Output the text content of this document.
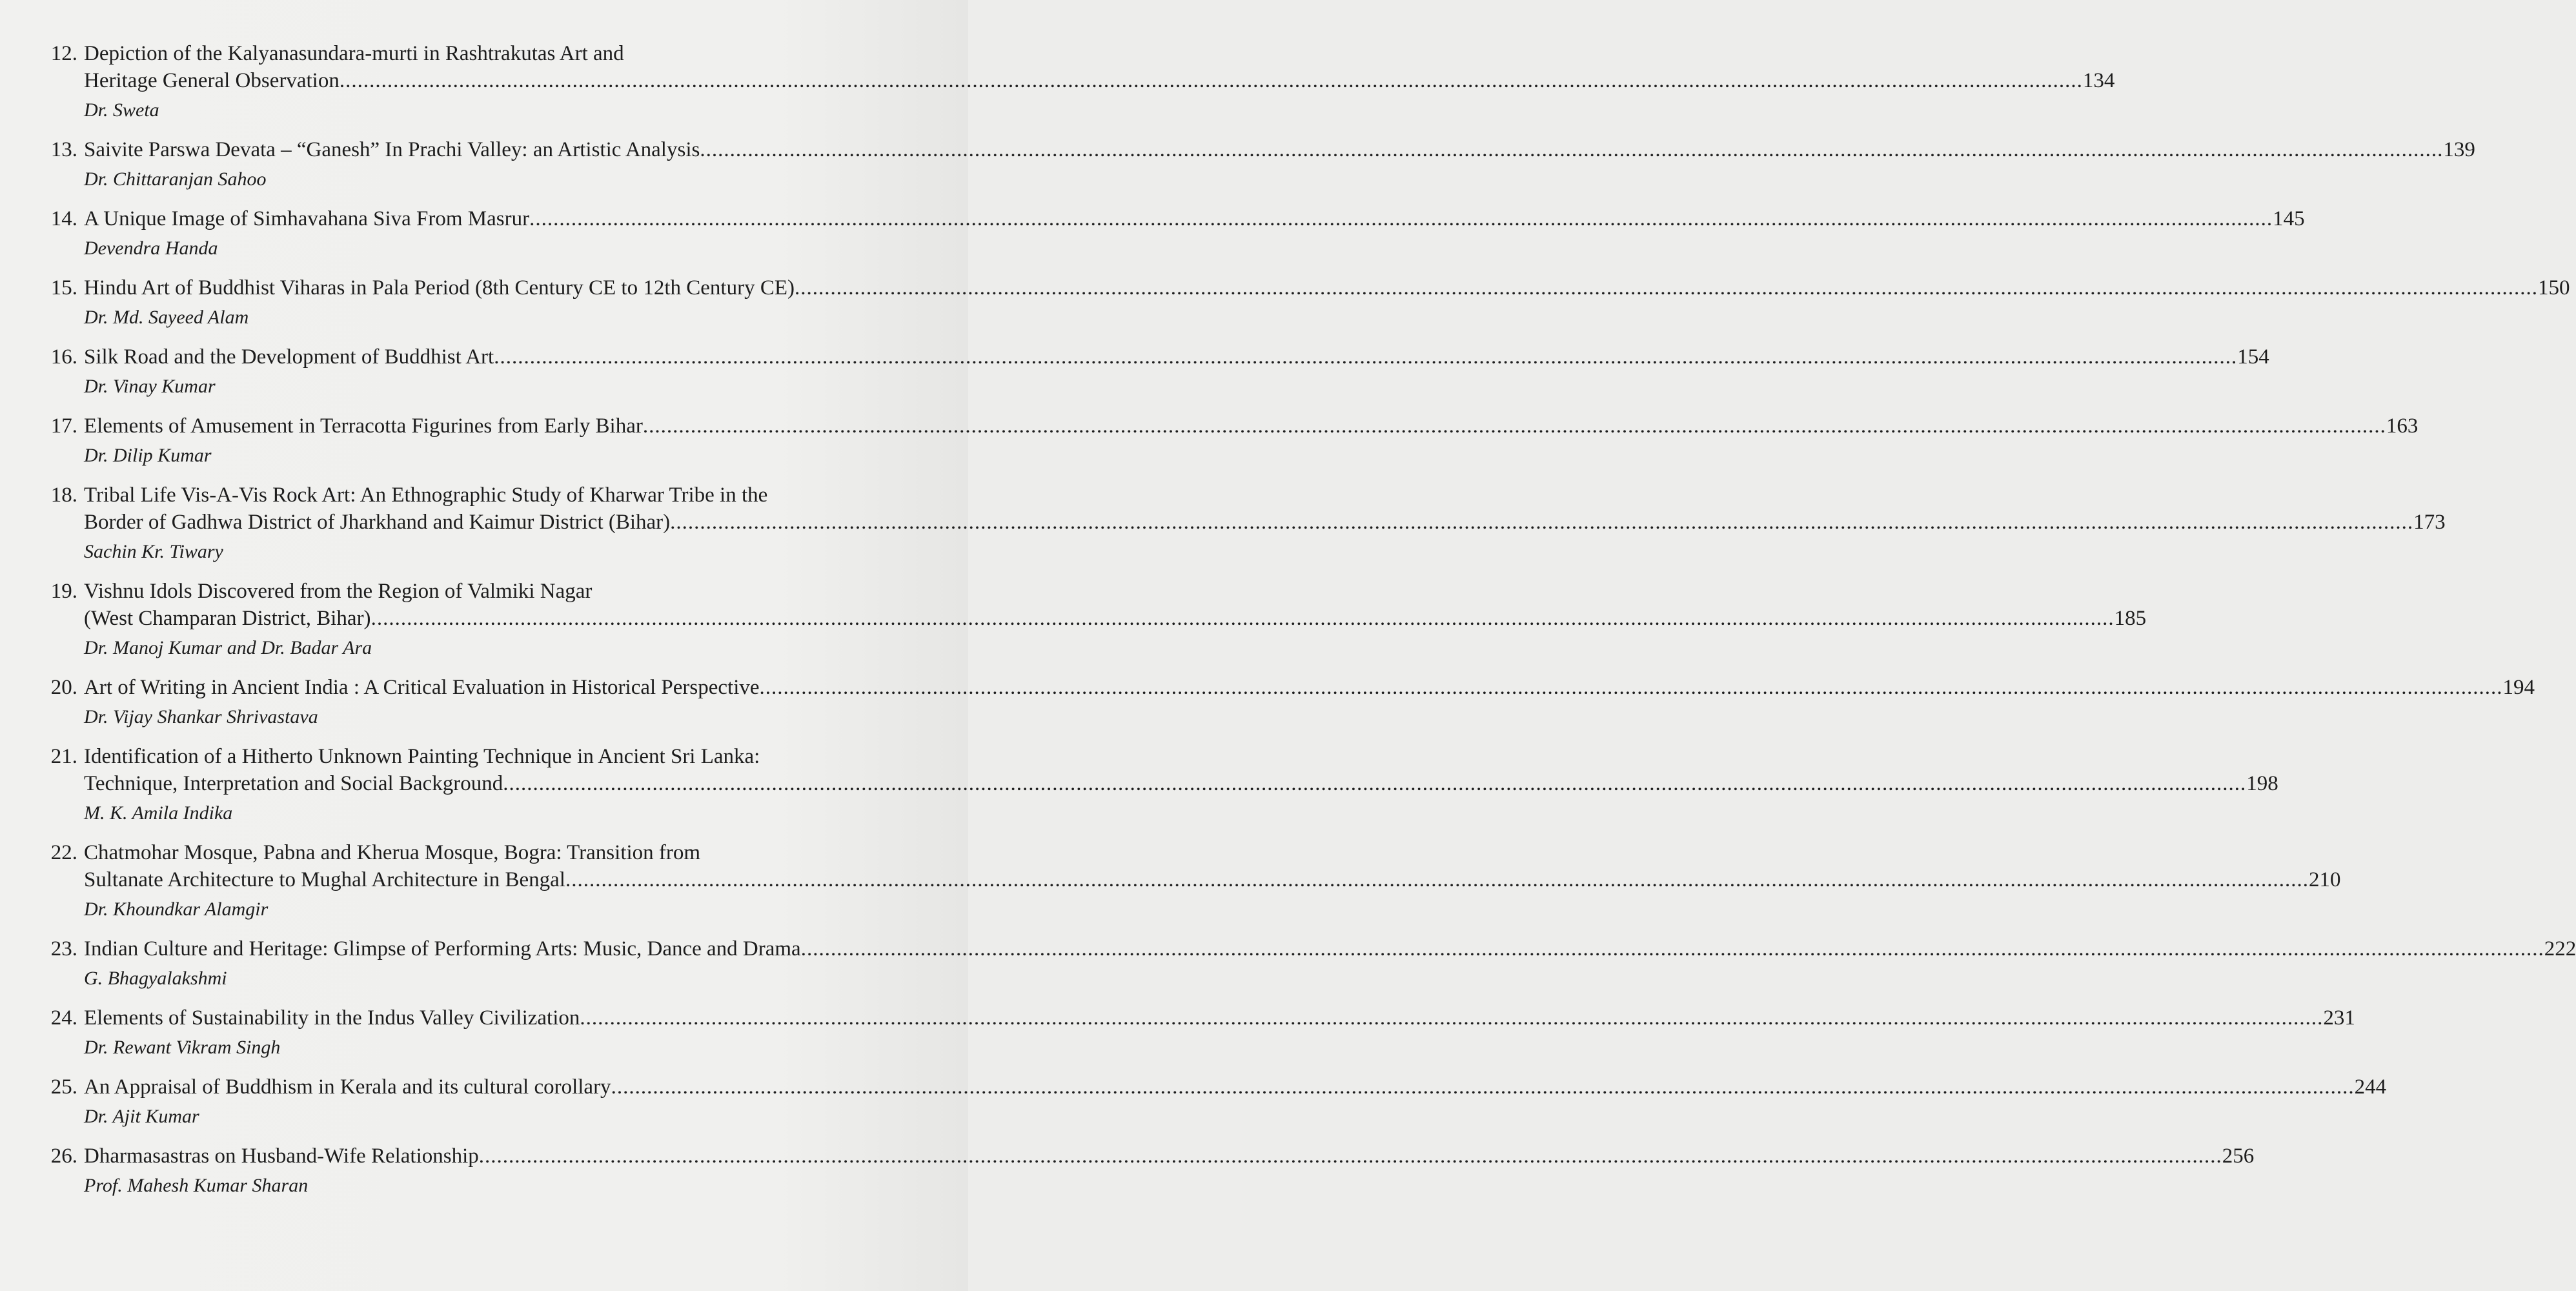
12. Depiction of the Kalyanasundara-murti in Rashtrakutas Art and
Heritage General Observation .....	134
Dr. Sweta
13. Saivite Parswa Devata – “Ganesh” In Prachi Valley: an Artistic Analysis .....	139
Dr. Chittaranjan Sahoo
14. A Unique Image of Simhavahana Siva From Masrur .....	145
Devendra Handa
15. Hindu Art of Buddhist Viharas in Pala Period (8th Century CE to 12th Century CE) .....	150
Dr. Md. Sayeed Alam
16. Silk Road and the Development of Buddhist Art .....	154
Dr. Vinay Kumar
17. Elements of Amusement in Terracotta Figurines from Early Bihar .....	163
Dr. Dilip Kumar
18. Tribal Life Vis-A-Vis Rock Art: An Ethnographic Study of Kharwar Tribe in the
Border of Gadhwa District of Jharkhand and Kaimur District (Bihar) .....	173
Sachin Kr. Tiwary
19. Vishnu Idols Discovered from the Region of Valmiki Nagar
(West Champaran District, Bihar) .....	185
Dr. Manoj Kumar and Dr. Badar Ara
20. Art of Writing in Ancient India : A Critical Evaluation in Historical Perspective .....	194
Dr. Vijay Shankar Shrivastava
21. Identification of a Hitherto Unknown Painting Technique in Ancient Sri Lanka:
Technique, Interpretation and Social Background .....	198
M. K. Amila Indika
22. Chatmohar Mosque, Pabna and Kherua Mosque, Bogra: Transition from
Sultanate Architecture to Mughal Architecture in Bengal .....	210
Dr. Khoundkar Alamgir
23. Indian Culture and Heritage: Glimpse of Performing Arts: Music, Dance and Drama .....	222
G. Bhagyalakshmi
24. Elements of Sustainability in the Indus Valley Civilization .....	231
Dr. Rewant Vikram Singh
25. An Appraisal of Buddhism in Kerala and its cultural corollary .....	244
Dr. Ajit Kumar
26. Dharmasastras on Husband-Wife Relationship .....	256
Prof. Mahesh Kumar Sharan
